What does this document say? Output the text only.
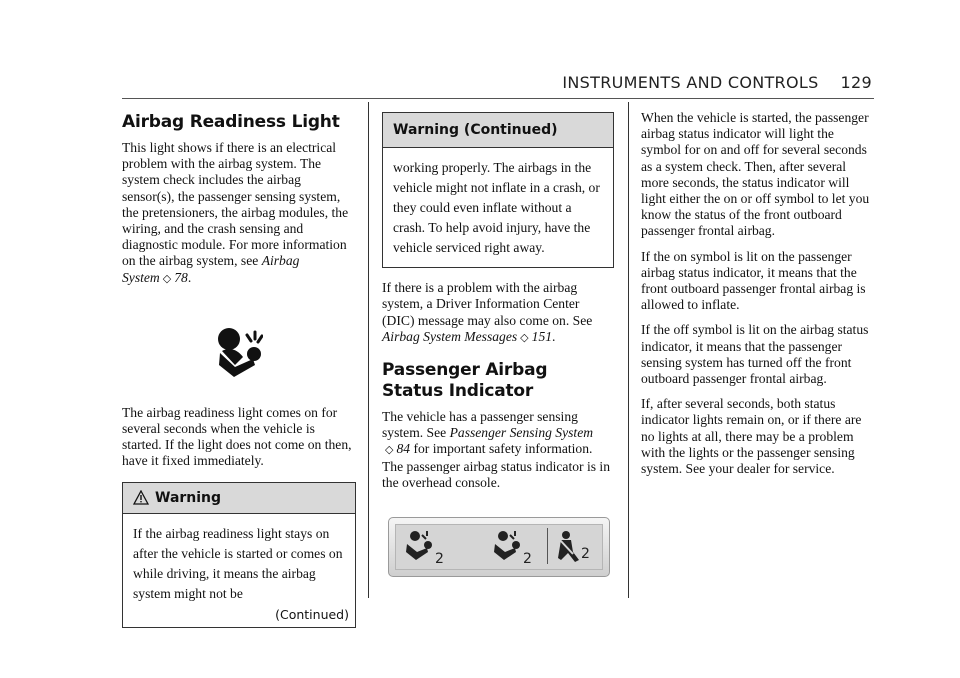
INSTRUMENTS AND CONTROLS 129
Airbag Readiness Light

This light shows if there is an electrical problem with the airbag system. The system check includes the airbag sensor(s), the passenger sensing system, the pretensioners, the airbag modules, the wiring, and the crash sensing and diagnostic module. For more information on the airbag system, see Airbag System ◇ 78.

The airbag readiness light comes on for several seconds when the vehicle is started. If the light does not come on then, have it fixed immediately.

Warning
If the airbag readiness light stays on after the vehicle is started or comes on while driving, it means the airbag system might not be
(Continued)
Warning (Continued)
working properly. The airbags in the vehicle might not inflate in a crash, or they could even inflate without a crash. To help avoid injury, have the vehicle serviced right away.

If there is a problem with the airbag system, a Driver Information Center (DIC) message may also come on. See Airbag System Messages ◇ 151.

Passenger Airbag Status Indicator

The vehicle has a passenger sensing system. See Passenger Sensing System
◇ 84 for important safety information. The passenger airbag status indicator is in the overhead console.

2	2	2

When the vehicle is started, the passenger airbag status indicator will light the symbol for on and off for several seconds as a system check. Then, after several more seconds, the status indicator will light either the on or off symbol to let you know the status of the front outboard passenger frontal airbag.

If the on symbol is lit on the passenger airbag status indicator, it means that the front outboard passenger frontal airbag is allowed to inflate.

If the off symbol is lit on the airbag status indicator, it means that the passenger sensing system has turned off the front outboard passenger frontal airbag.

If, after several seconds, both status indicator lights remain on, or if there are no lights at all, there may be a problem with the lights or the passenger sensing system. See your dealer for service.
